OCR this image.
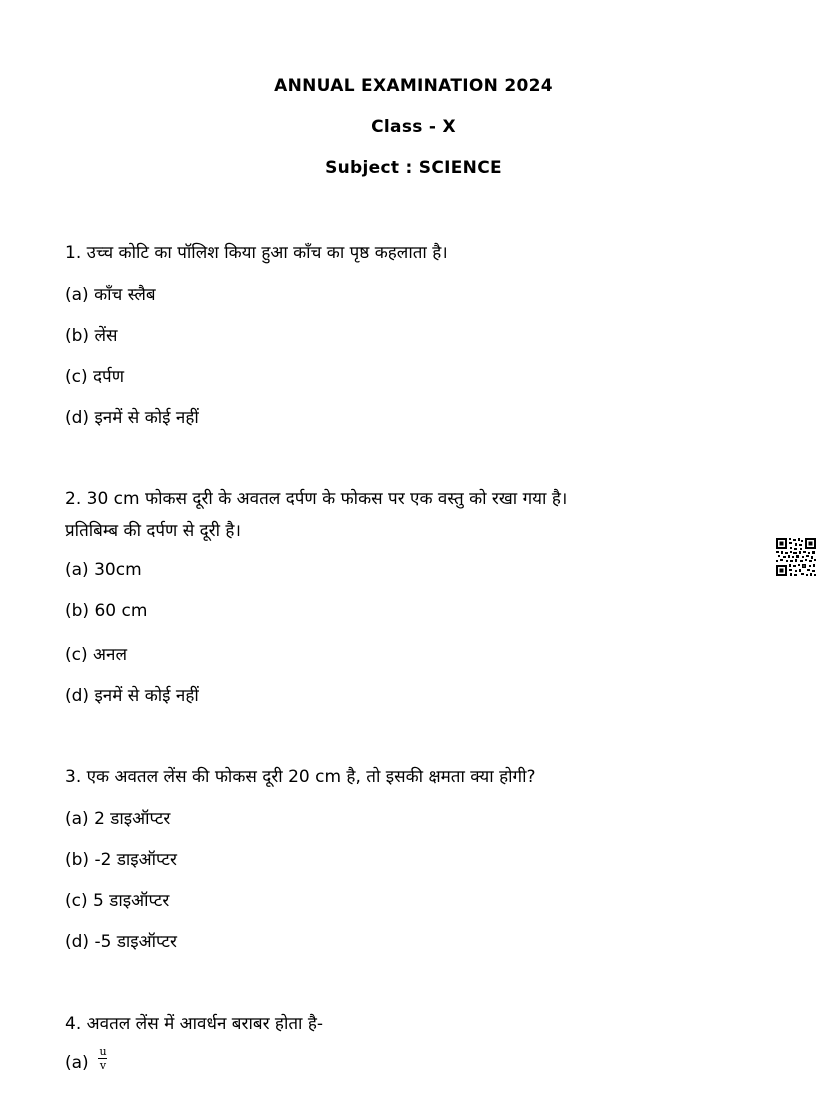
ANNUAL EXAMINATION 2024
Class - X
Subject : SCIENCE
1. उच्च कोटि का पॉलिश किया हुआ काँच का पृष्ठ कहलाता है।
(a) काँच स्लैब
(b) लेंस
(c) दर्पण
(d) इनमें से कोई नहीं
2. 30 cm फोकस दूरी के अवतल दर्पण के फोकस पर एक वस्तु को रखा गया है।
प्रतिबिम्ब की दर्पण से दूरी है।
(a) 30cm
(b) 60 cm
(c) अनल
(d) इनमें से कोई नहीं
3. एक अवतल लेंस की फोकस दूरी 20 cm है, तो इसकी क्षमता क्या होगी?
(a) 2 डाइऑप्टर
(b) -2 डाइऑप्टर
(c) 5 डाइऑप्टर
(d) -5 डाइऑप्टर
4. अवतल लेंस में आवर्धन बराबर होता है-
(a)
u
v
